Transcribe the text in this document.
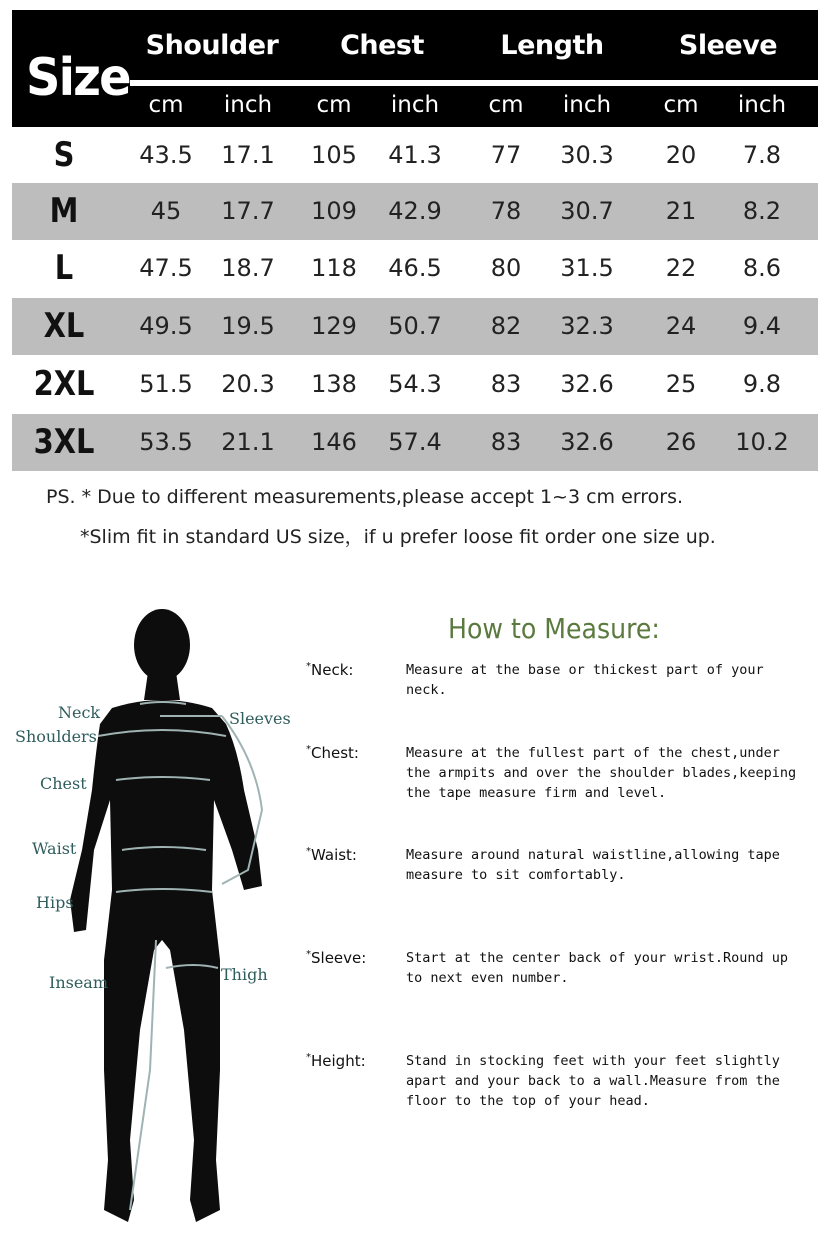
Size
Shoulder	Chest	Length	Sleeve
cm	inch	cm	inch	cm	inch	cm	inch
S	43.5	17.1	105	41.3	77	30.3	20	7.8
M	45	17.7	109	42.9	78	30.7	21	8.2
L	47.5	18.7	118	46.5	80	31.5	22	8.6
XL	49.5	19.5	129	50.7	82	32.3	24	9.4
2XL	51.5	20.3	138	54.3	83	32.6	25	9.8
3XL	53.5	21.1	146	57.4	83	32.6	26	10.2
PS. * Due to different measurements,please accept 1~3 cm errors.
*Slim fit in standard US size，if u prefer loose fit order one size up.
Neck
Shoulders
Sleeves
Chest
Waist
Hips
Inseam	Thigh
How to Measure:
*Neck:	Measure at the base or thickest part of your neck.
*Chest:	Measure at the fullest part of the chest,under the armpits and over the shoulder blades,keeping the tape measure firm and level.
*Waist:	Measure around natural waistline,allowing tape measure to sit comfortably.
*Sleeve:	Start at the center back of your wrist.Round up to next even number.
*Height:	Stand in stocking feet with your feet slightly apart and your back to a wall.Measure from the floor to the top of your head.
